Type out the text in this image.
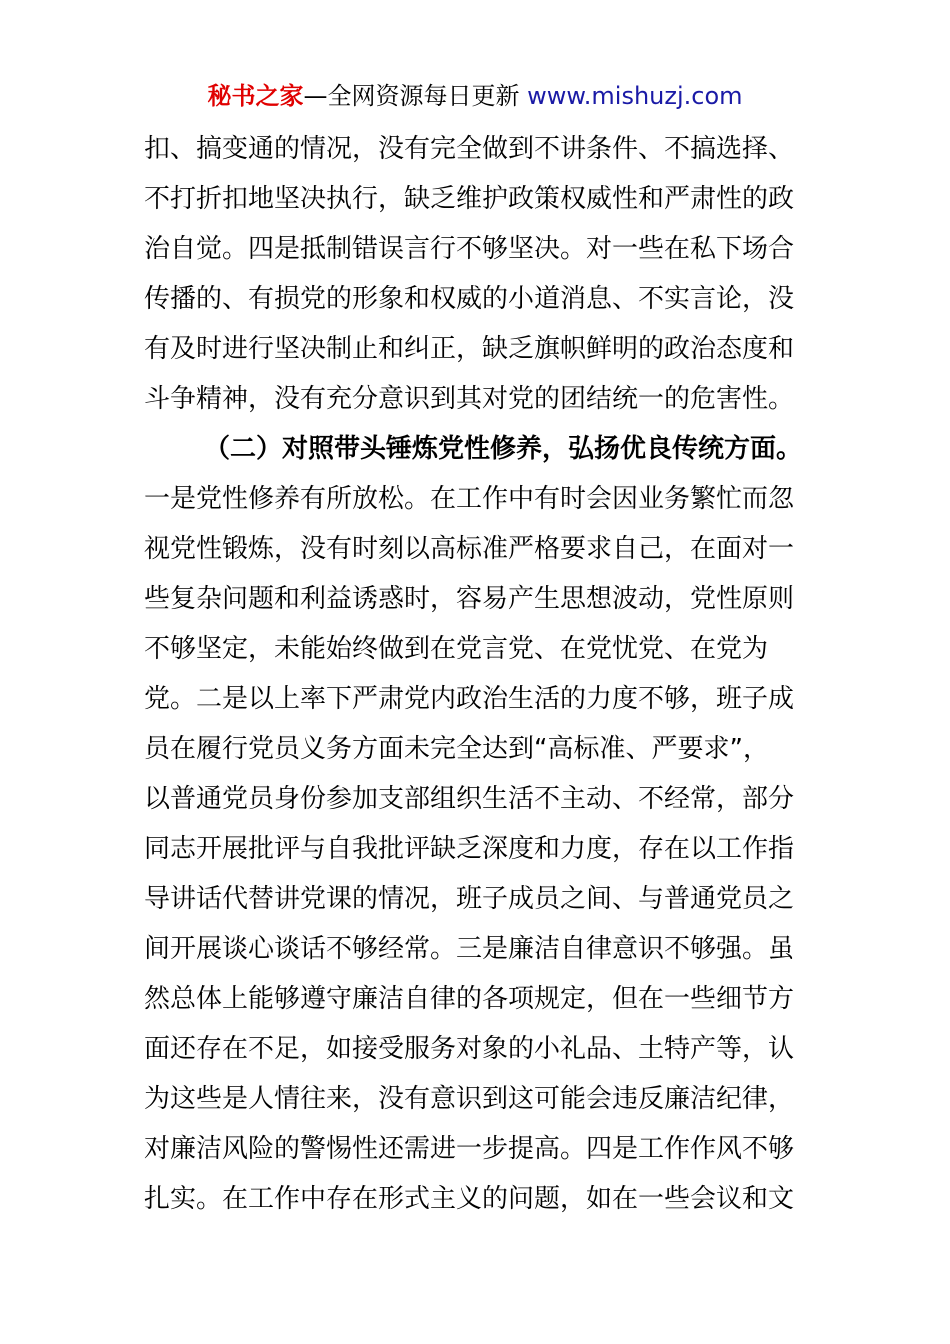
秘书之家—全网资源每日更新 www.mishuzj.com
扣、搞变通的情况，没有完全做到不讲条件、不搞选择、
不打折扣地坚决执行，缺乏维护政策权威性和严肃性的政
治自觉。四是抵制错误言行不够坚决。对一些在私下场合
传播的、有损党的形象和权威的小道消息、不实言论，没
有及时进行坚决制止和纠正，缺乏旗帜鲜明的政治态度和
斗争精神，没有充分意识到其对党的团结统一的危害性。
（二）对照带头锤炼党性修养，弘扬优良传统方面。
一是党性修养有所放松。在工作中有时会因业务繁忙而忽
视党性锻炼，没有时刻以高标准严格要求自己，在面对一
些复杂问题和利益诱惑时，容易产生思想波动，党性原则
不够坚定，未能始终做到在党言党、在党忧党、在党为
党。二是以上率下严肃党内政治生活的力度不够，班子成
员在履行党员义务方面未完全达到“高标准、严要求”，
以普通党员身份参加支部组织生活不主动、不经常，部分
同志开展批评与自我批评缺乏深度和力度，存在以工作指
导讲话代替讲党课的情况，班子成员之间、与普通党员之
间开展谈心谈话不够经常。三是廉洁自律意识不够强。虽
然总体上能够遵守廉洁自律的各项规定，但在一些细节方
面还存在不足，如接受服务对象的小礼品、土特产等，认
为这些是人情往来，没有意识到这可能会违反廉洁纪律，
对廉洁风险的警惕性还需进一步提高。四是工作作风不够
扎实。在工作中存在形式主义的问题，如在一些会议和文
